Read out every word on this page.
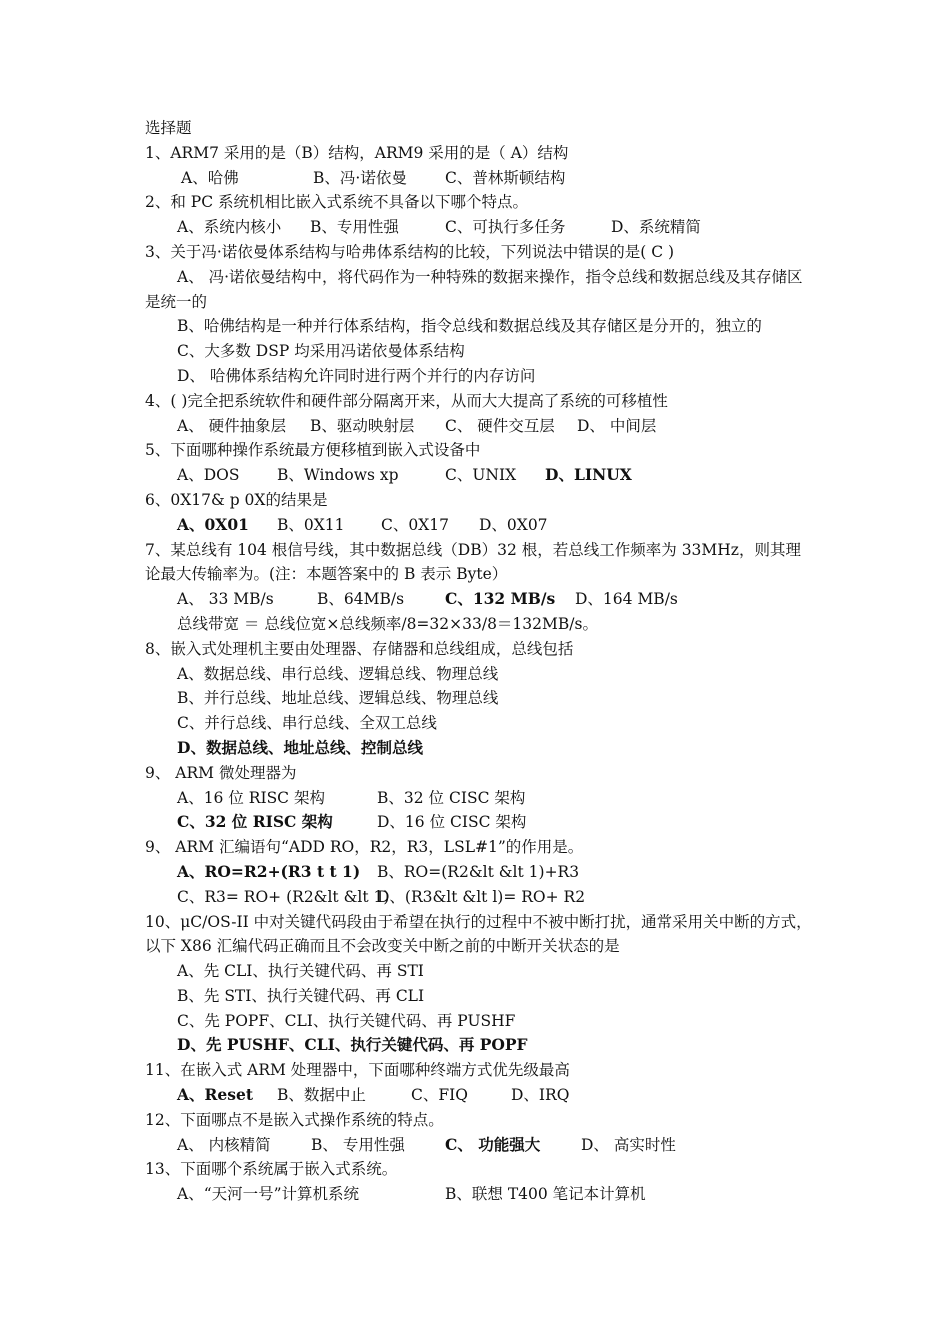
选择题
1、ARM7 采用的是（B）结构，ARM9 采用的是（ A）结构
A、哈佛	B、冯·诺依曼 C、普林斯顿结构
2、和 PC 系统机相比嵌入式系统不具备以下哪个特点。
A、系统内核小 B、专用性强	C、可执行多任务	D、系统精简
3、关于冯·诺依曼体系结构与哈弗体系结构的比较，下列说法中错误的是( C )
A、 冯·诺依曼结构中，将代码作为一种特殊的数据来操作，指令总线和数据总线及其存储区是统一的
B、哈佛结构是一种并行体系结构，指令总线和数据总线及其存储区是分开的，独立的
C、大多数 DSP 均采用冯诺依曼体系结构
D、 哈佛体系结构允许同时进行两个并行的内存访问
4、( )完全把系统软件和硬件部分隔离开来，从而大大提高了系统的可移植性
A、 硬件抽象层 B、驱动映射层 C、 硬件交互层 D、 中间层
5、下面哪种操作系统最方便移植到嵌入式设备中
A、DOS B、Windows xp	C、UNIX D、LINUX
6、0X17& p 0X的结果是
A、0X01 B、0X11 C、0X17 D、0X07
7、某总线有 104 根信号线，其中数据总线（DB）32 根，若总线工作频率为 33MHz，则其理论最大传输率为。(注：本题答案中的 B 表示 Byte）
A、 33 MB/s	B、64MB/s	C、132 MB/s D、164 MB/s
总线带宽 ＝ 总线位宽×总线频率/8=32×33/8＝132MB/s。
8、嵌入式处理机主要由处理器、存储器和总线组成，总线包括
A、数据总线、串行总线、逻辑总线、物理总线
B、并行总线、地址总线、逻辑总线、物理总线
C、并行总线、串行总线、全双工总线
D、数据总线、地址总线、控制总线
9、 ARM 微处理器为
A、16 位 RISC 架构	B、32 位 CISC 架构
C、32 位 RISC 架构	D、16 位 CISC 架构
9、 ARM 汇编语句“ADD RO，R2，R3，LSL#1”的作用是。
A、RO=R2+(R3 t t 1) B、RO=(R2&lt &lt 1)+R3
C、R3= RO+ (R2&lt &lt 1)
D、(R3&lt &lt l)= RO+ R2
10、μC/OS-II 中对关键代码段由于希望在执行的过程中不被中断打扰，通常采用关中断的方式，以下 X86 汇编代码正确而且不会改变关中断之前的中断开关状态的是
A、先 CLI、执行关键代码、再 STI
B、先 STI、执行关键代码、再 CLI
C、先 POPF、CLI、执行关键代码、再 PUSHF
D、先 PUSHF、CLI、执行关键代码、再 POPF
11、在嵌入式 ARM 处理器中，下面哪种终端方式优先级最高
A、Reset B、数据中止	C、FIQ	D、IRQ
12、下面哪点不是嵌入式操作系统的特点。
A、 内核精简	B、 专用性强	C、 功能强大	D、 高实时性
13、下面哪个系统属于嵌入式系统。
A、“天河一号”计算机系统	B、联想 T400 笔记本计算机
